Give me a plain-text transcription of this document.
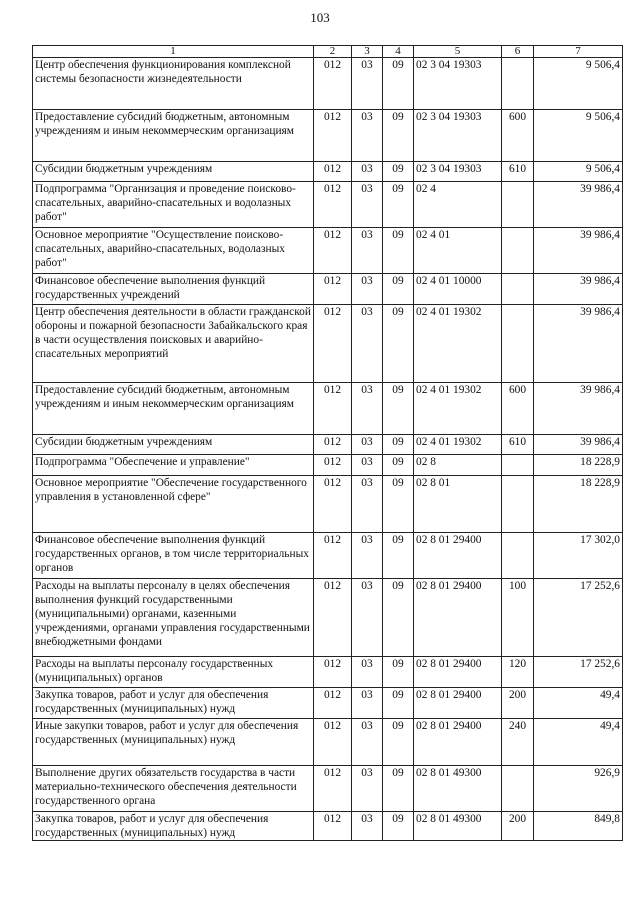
103
1	2	3	4	5	6	7
Центр обеспечения функционирования комплексной системы безопасности жизнедеятельности	012	03	09	02 3 04 19303		9 506,4
Предоставление субсидий бюджетным, автономным учреждениям и иным некоммерческим организациям	012	03	09	02 3 04 19303	600	9 506,4
Субсидии бюджетным учреждениям	012	03	09	02 3 04 19303	610	9 506,4
Подпрограмма "Организация и проведение поисково-спасательных, аварийно-спасательных и водолазных работ"	012	03	09	02 4		39 986,4
Основное мероприятие "Осуществление поисково-спасательных, аварийно-спасательных, водолазных работ"	012	03	09	02 4 01		39 986,4
Финансовое обеспечение выполнения функций государственных учреждений	012	03	09	02 4 01 10000		39 986,4
Центр обеспечения деятельности в области гражданской обороны и пожарной безопасности Забайкальского края в части осуществления поисковых и аварийно-спасательных мероприятий	012	03	09	02 4 01 19302		39 986,4
Предоставление субсидий бюджетным, автономным учреждениям и иным некоммерческим организациям	012	03	09	02 4 01 19302	600	39 986,4
Субсидии бюджетным учреждениям	012	03	09	02 4 01 19302	610	39 986,4
Подпрограмма "Обеспечение и управление"	012	03	09	02 8		18 228,9
Основное мероприятие "Обеспечение государственного управления в установленной сфере"	012	03	09	02 8 01		18 228,9
Финансовое обеспечение выполнения функций государственных органов, в том числе территориальных органов	012	03	09	02 8 01 29400		17 302,0
Расходы на выплаты персоналу в целях обеспечения выполнения функций государственными (муниципальными) органами, казенными учреждениями, органами управления государственными внебюджетными фондами	012	03	09	02 8 01 29400	100	17 252,6
Расходы на выплаты персоналу государственных (муниципальных) органов	012	03	09	02 8 01 29400	120	17 252,6
Закупка товаров, работ и услуг для обеспечения государственных (муниципальных) нужд	012	03	09	02 8 01 29400	200	49,4
Иные закупки товаров, работ и услуг для обеспечения государственных (муниципальных) нужд	012	03	09	02 8 01 29400	240	49,4
Выполнение других обязательств государства в части материально-технического обеспечения деятельности государственного органа	012	03	09	02 8 01 49300		926,9
Закупка товаров, работ и услуг для обеспечения государственных (муниципальных) нужд	012	03	09	02 8 01 49300	200	849,8
